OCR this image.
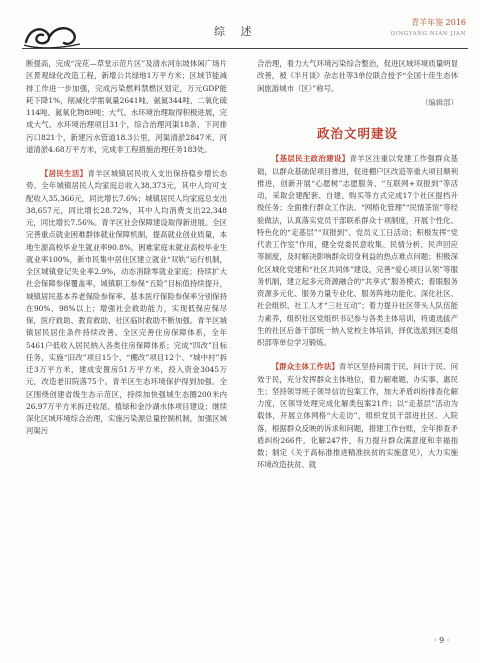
综 述
青羊年鉴 2016
QINGYANG NIAN JIAN

断提高，完成“浣花—草堂示范片区”及清水河东坡体闲广场片区景观绿化改造工程，新增公共绿地1万平方米；区域节能减排工作进一步加强，完成污染燃料禁燃区划定，万元GDP能耗下降1%，削减化学需氧量2641吨、氨氮344吨、二氧化硫114吨、氮氧化物89吨；大气、水环境治理取得积极进展，完成大气、水环境治理项目31个，综合治理河渠18条、下河排污口821个，新建污水管道18.3公里，河渠清淤2847米，河道清淤4.68万平方米，完成非工程措施治理任务183处。

【居民生活】青羊区城镇居民收入支出保持稳步增长态势。全年城镇居民人均家庭总收入38,373元，其中人均可支配收入35,366元，同比增长7.6%；城镇居民人均家庭总支出38,657元，同比增长28.72%，其中人均消费支出22,348元，同比增长7.56%。青羊区社会保障建设取得新进展。全区完善重点就业困难群体就业保障机制，提高就业创业质量，本地生源高校毕业生就业率90.8%，困难家庭未就业高校毕业生就业率100%，新市民集中居住区建立就业“双轨”运行机制，全区城镇登记失业率2.9%，动态消除零就业家庭；持续扩大社会保障参保覆盖率，城镇职工参保“五险”目标值持续提升，城镇居民基本养老保险参保率、基本医疗保险参保率分别保持在90%、98%以上；增强社会救助能力，实现低保应保尽保，医疗救助、教育救助、社区临时救助不断加强。青羊区城镇居民居住条件持续改善。全区完善住房保障体系，全年5461户低收入居民纳入各类住房保障体系；完成“四改”目标任务，实施“旧改”项目15个、“棚改”项目12个、“城中村”拆迁3万平方米，建成安置房51万平方米，投入资金3045万元，改造老旧院落75个。青羊区生态环境保护得到加强。全区围绕创建省级生态示范区，持续加快强城生态圈200米内26.97万平方米拆迁收尾、植绿和金沙湖水体项目建设；继续深化区域环境综合治理，实施污染源总量控制机制，加强区域河渠污

合治理，着力大气环境污染综合整治，促进区域环境质量明显改善，被《半月谈》杂志社等3单位联合授予“全国十佳生态休闲旅游城市（区）”称号。

（编辑部）

政治文明建设

【基层民主政治建设】青羊区注重以党建工作强群众基础，以群众基础促项目推进，促进棚户区改造等重大项目顺利推进，创新开展“心愿树”志愿服务、“互联网+双报到”等活动，采取会建配套、自建、购买等方式完成17个社区提档升级任务；全面推行群众工作法、“网格化管理”“民情茶馆”等经验做法，认真落实党员干部联系群众十项制度，开展个性化、特色化的“走基层”“双报到”、党员义工日活动；积极发挥“党代表工作室”作用，健全党委民意收集、民情分析、民声回应等制度，及时解决影响群众切身利益的热点难点问题；积极深化区城化党建和“社区共同体”建设，完善“爱心项目认领”等服务机制，建立起多元资源融合的“共享式”服务模式；着眼服务资源多元化、服务力量专业化、服务阵地功能化、深化社区、社会组织、社工人才“三社互动”；着力提升社区带头人队伍能力素养，组织社区党组织书记参与各类主体培训，将通选拔产生的社区后备干部统一纳入党校主体培训，择优选派到区委组织部等单位学习锻炼。

【群众主体工作法】青羊区坚持问需于民、问计于民、问效于民，充分发挥群众主体地位，着力解难题、办实事、惠民生；坚持领导班子领导信访包案工作，加大矛盾纠纷排查化解力度，区领导处理完成化解类包案21件；以“走基层”活动为载体，开展立体网格“大走访”，组织党员干部进社区、入院落，根据群众反映的诉求和问题，措建工作台账，全年排查矛盾纠纷266件，化解247件，有力提升群众满意度和幸福指数；制定《关于高标准推进精准扶贫的实施意见》，大力实施环境改造扶贫、就

· 9 ·
